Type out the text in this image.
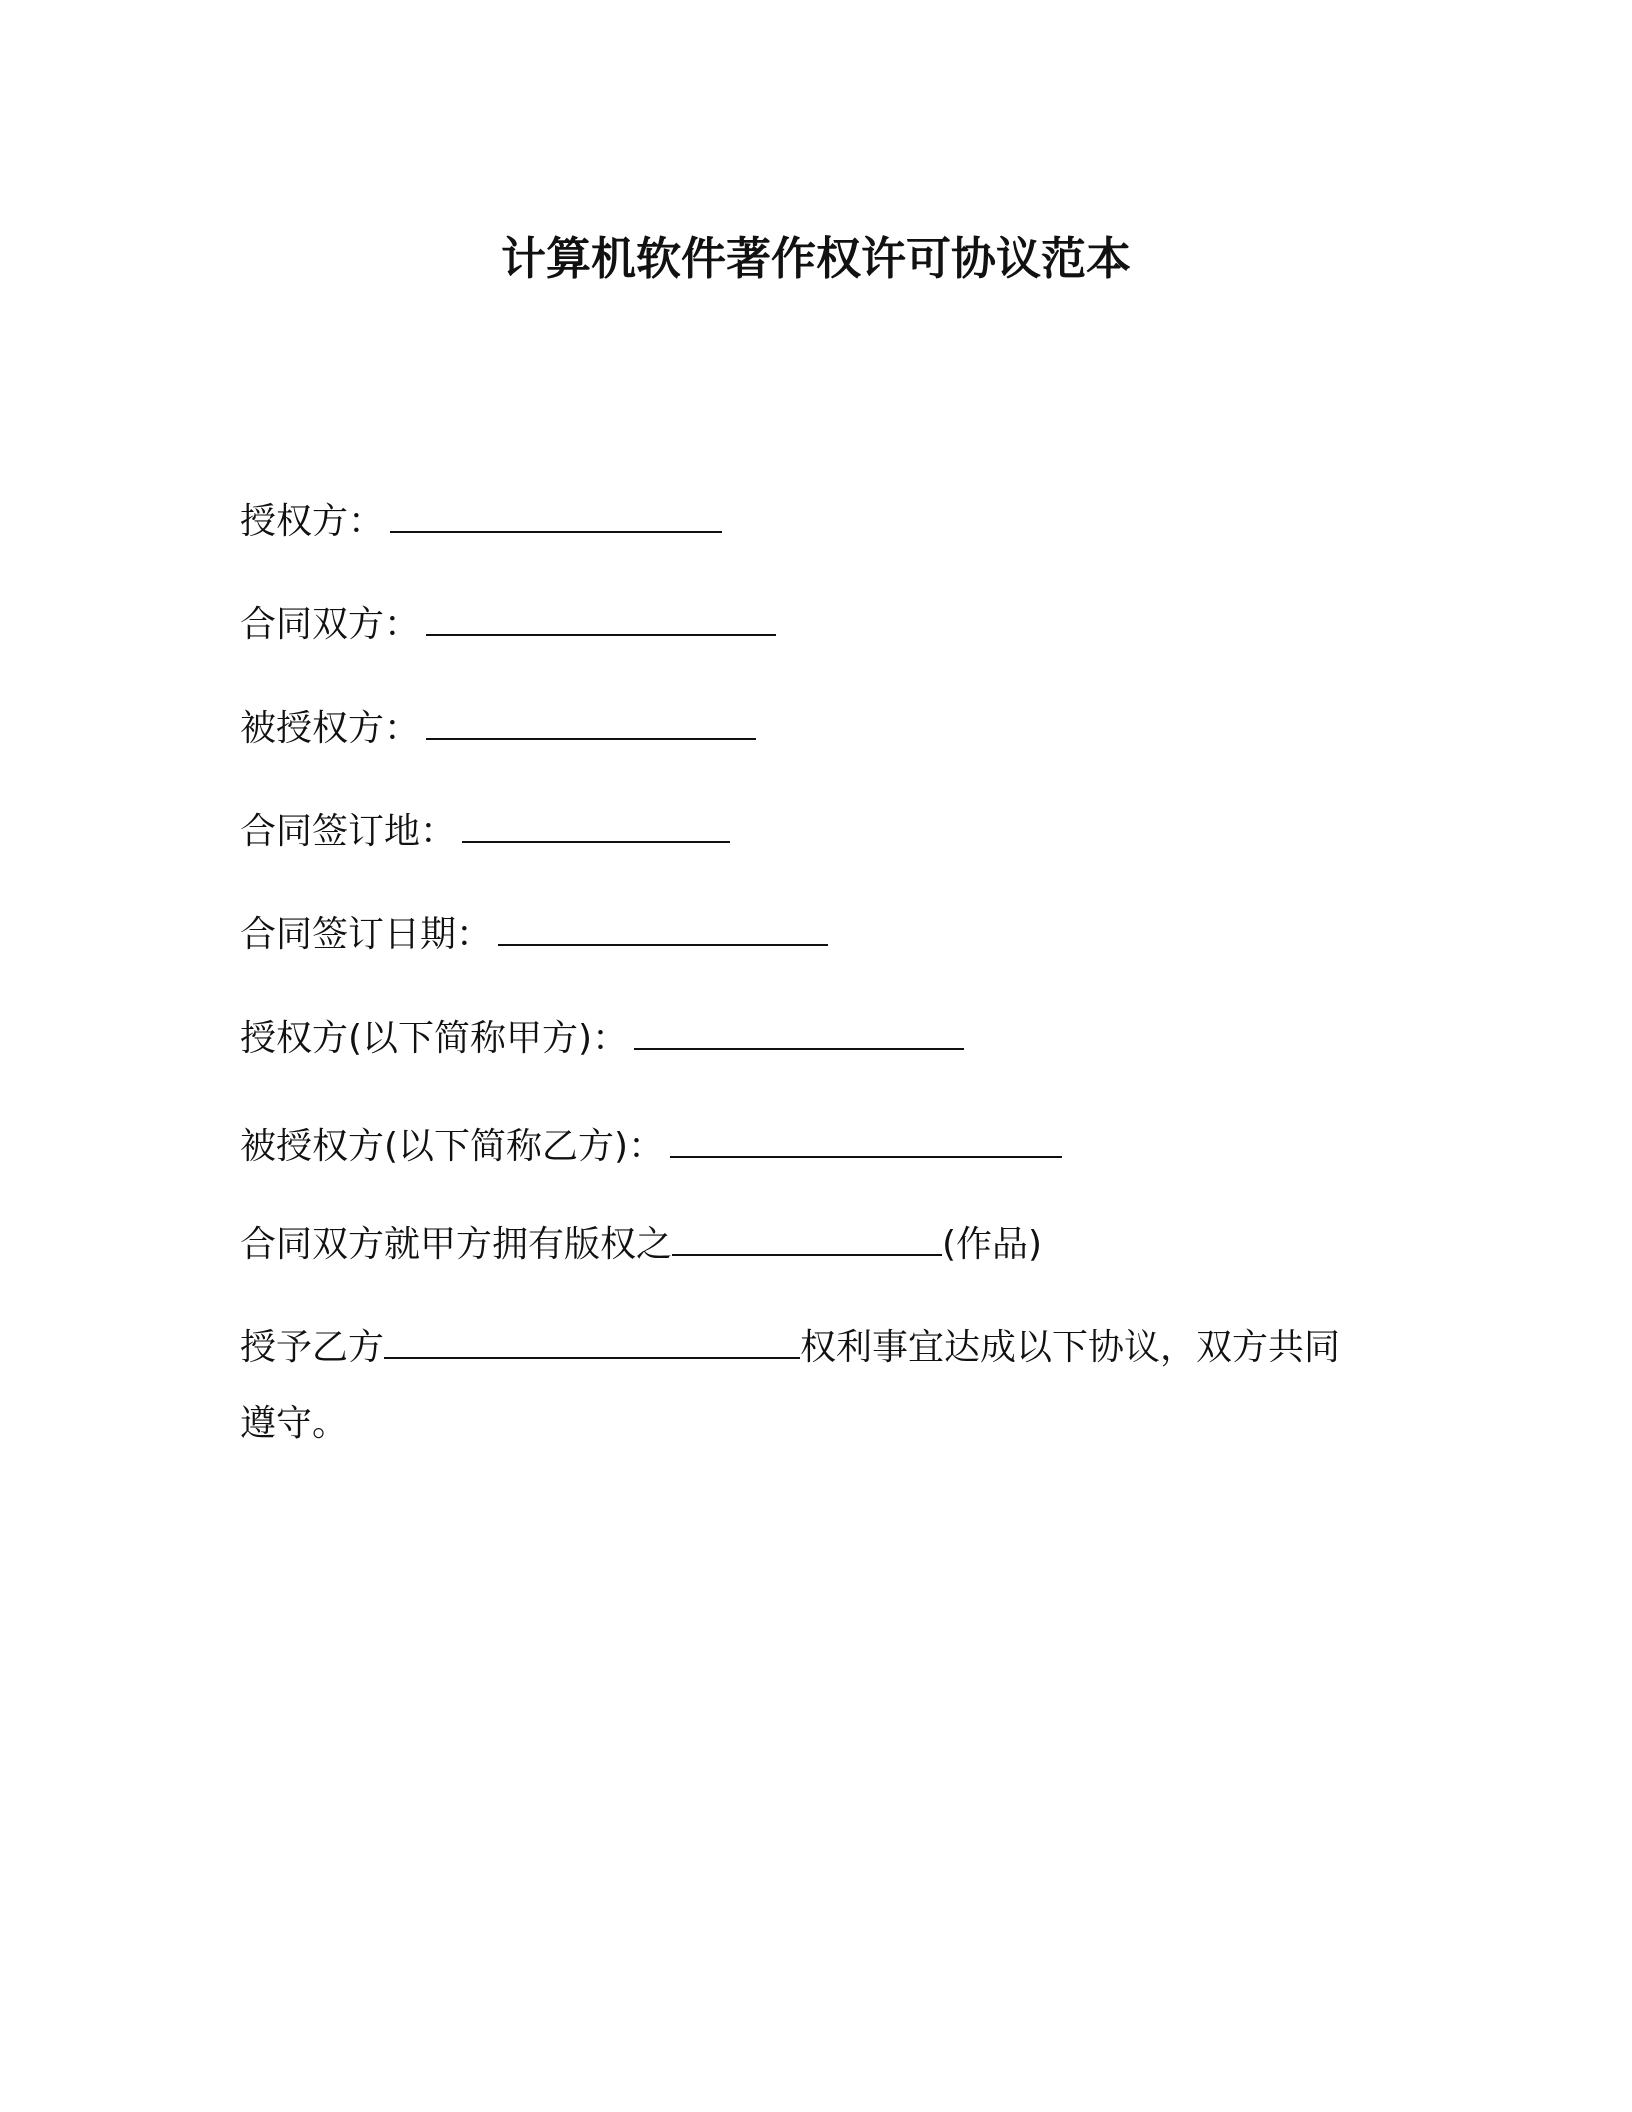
计算机软件著作权许可协议范本
授权方：
合同双方：
被授权方：
合同签订地：
合同签订日期：
授权方(以下简称甲方)：
被授权方(以下简称乙方)：
合同双方就甲方拥有版权之	(作品)
授予乙方	权利事宜达成以下协议，双方共同
遵守。
